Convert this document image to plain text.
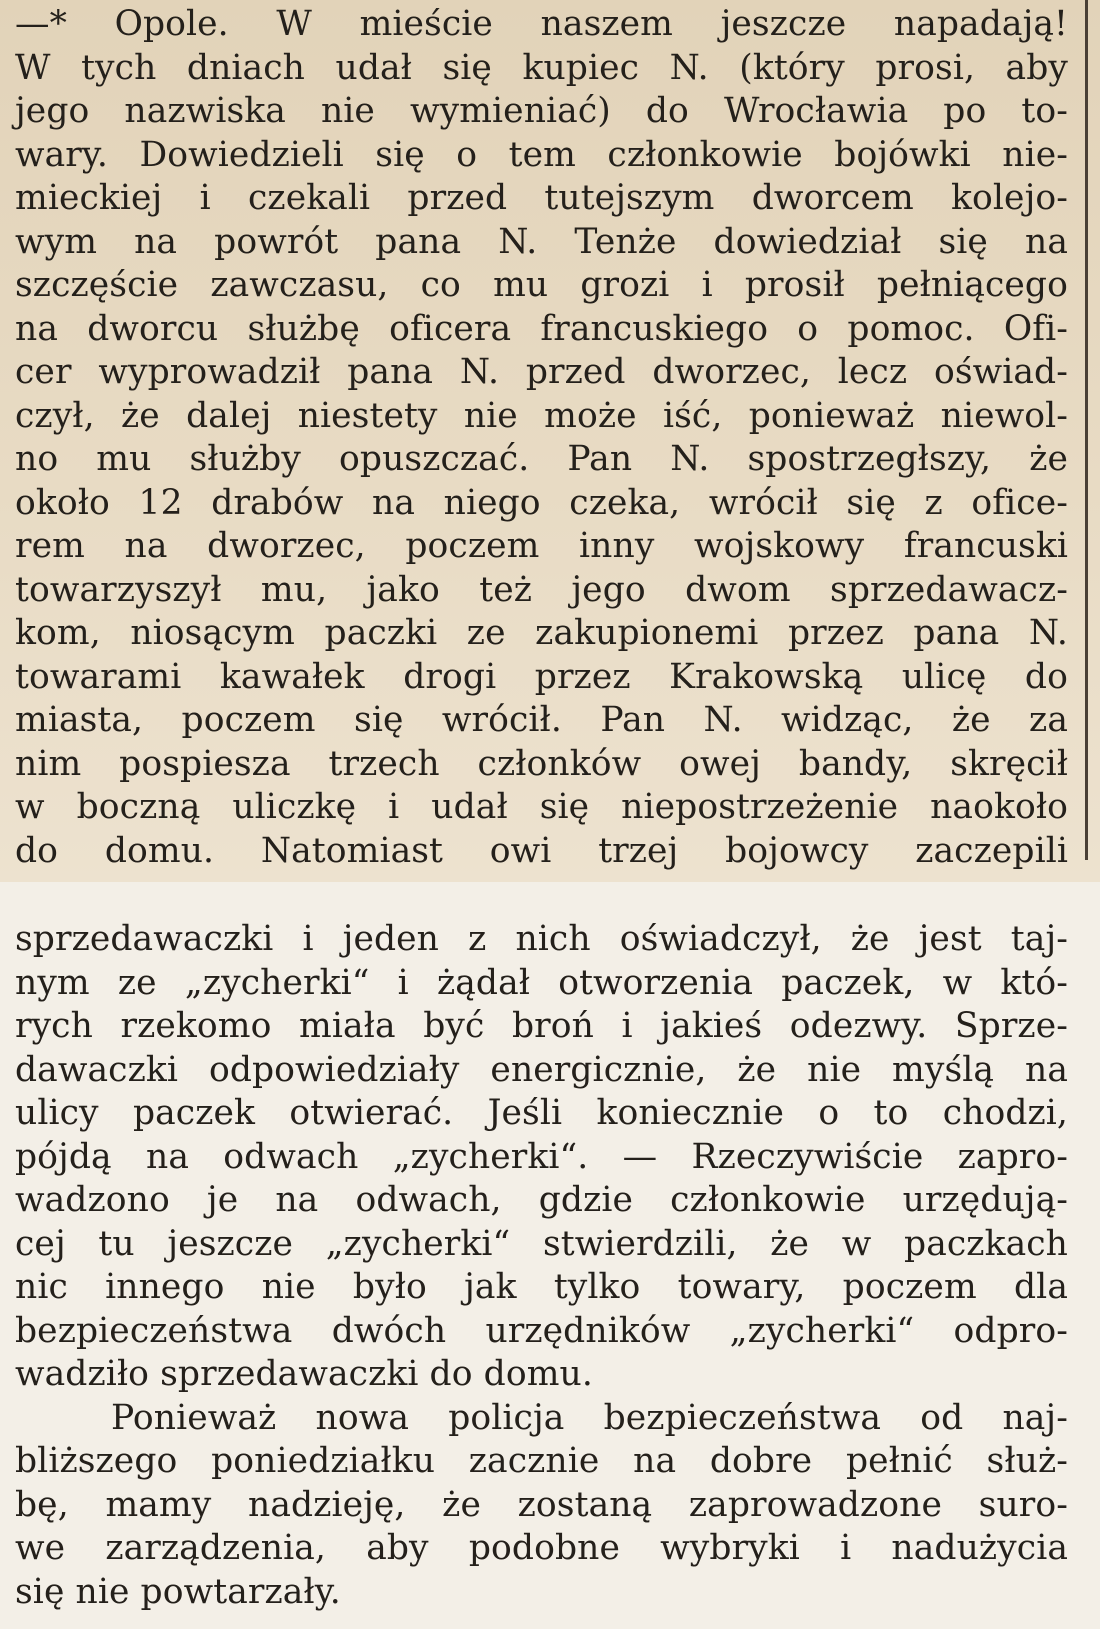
—* Opole. W mieście naszem jeszcze napadają!
W tych dniach udał się kupiec N. (który prosi, aby
jego nazwiska nie wymieniać) do Wrocławia po to-
wary. Dowiedzieli się o tem członkowie bojówki nie-
mieckiej i czekali przed tutejszym dworcem kolejo-
wym na powrót pana N. Tenże dowiedział się na
szczęście zawczasu, co mu grozi i prosił pełniącego
na dworcu służbę oficera francuskiego o pomoc. Ofi-
cer wyprowadził pana N. przed dworzec, lecz oświad-
czył, że dalej niestety nie może iść, ponieważ niewol-
no mu służby opuszczać. Pan N. spostrzegłszy, że
około 12 drabów na niego czeka, wrócił się z ofice-
rem na dworzec, poczem inny wojskowy francuski
towarzyszył mu, jako też jego dwom sprzedawacz-
kom, niosącym paczki ze zakupionemi przez pana N.
towarami kawałek drogi przez Krakowską ulicę do
miasta, poczem się wrócił. Pan N. widząc, że za
nim pospiesza trzech członków owej bandy, skręcił
w boczną uliczkę i udał się niepostrzeżenie naokoło
do domu. Natomiast owi trzej bojowcy zaczepili
sprzedawaczki i jeden z nich oświadczył, że jest taj-
nym ze „zycherki“ i żądał otworzenia paczek, w któ-
rych rzekomo miała być broń i jakieś odezwy. Sprze-
dawaczki odpowiedziały energicznie, że nie myślą na
ulicy paczek otwierać. Jeśli koniecznie o to chodzi,
pójdą na odwach „zycherki“. — Rzeczywiście zapro-
wadzono je na odwach, gdzie członkowie urzędują-
cej tu jeszcze „zycherki“ stwierdzili, że w paczkach
nic innego nie było jak tylko towary, poczem dla
bezpieczeństwa dwóch urzędników „zycherki“ odpro-
wadziło sprzedawaczki do domu.
Ponieważ nowa policja bezpieczeństwa od naj-
bliższego poniedziałku zacznie na dobre pełnić służ-
bę, mamy nadzieję, że zostaną zaprowadzone suro-
we zarządzenia, aby podobne wybryki i nadużycia
się nie powtarzały.
